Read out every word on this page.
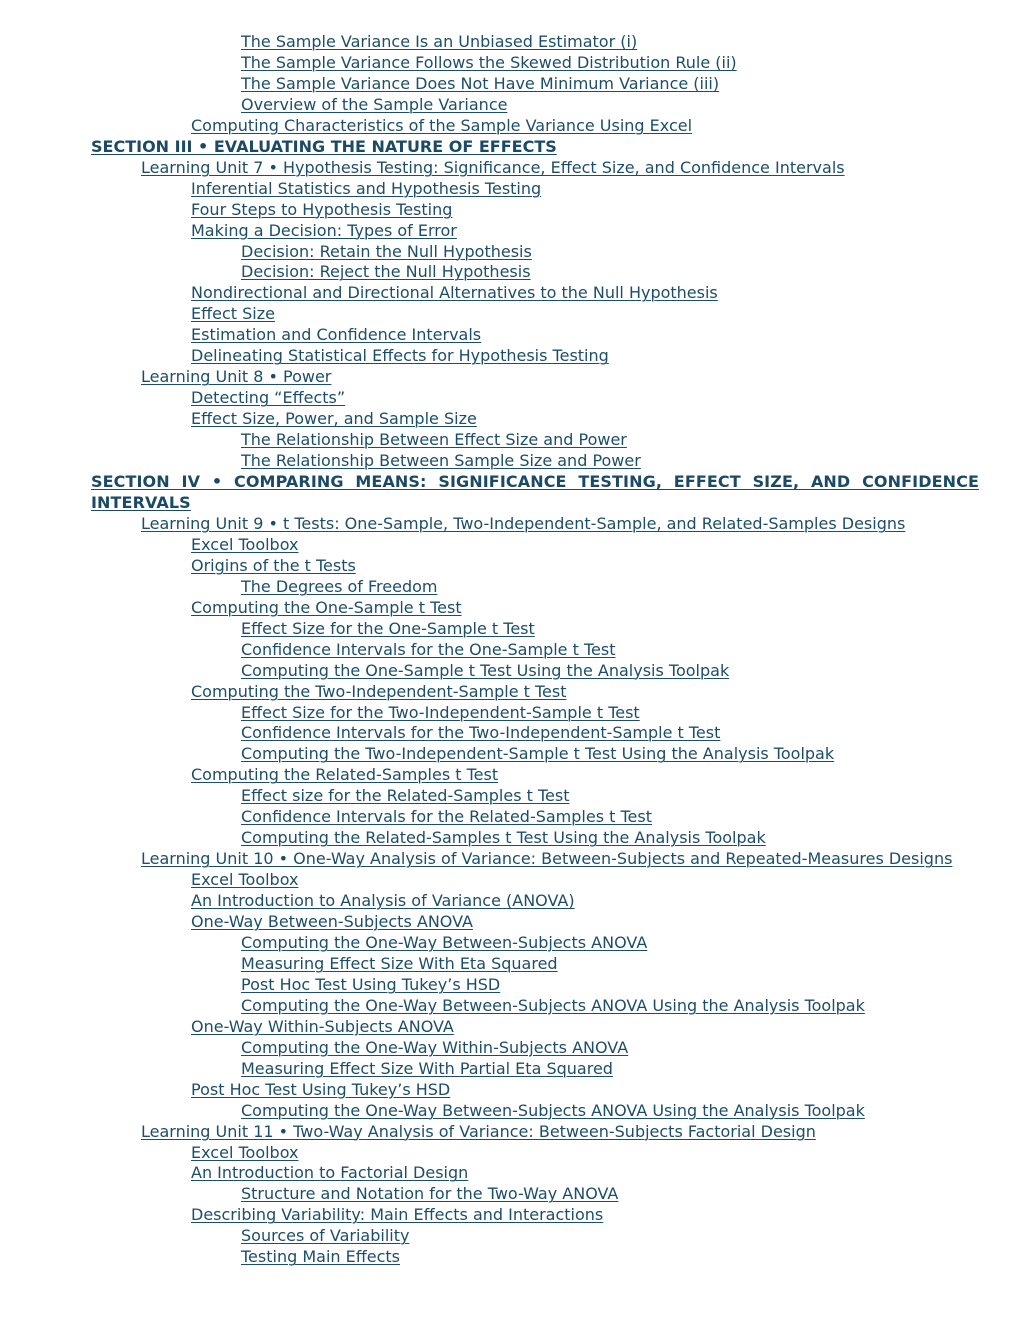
The Sample Variance Is an Unbiased Estimator (i)
The Sample Variance Follows the Skewed Distribution Rule (ii)
The Sample Variance Does Not Have Minimum Variance (iii)
Overview of the Sample Variance
Computing Characteristics of the Sample Variance Using Excel
SECTION III • EVALUATING THE NATURE OF EFFECTS
Learning Unit 7 • Hypothesis Testing: Significance, Effect Size, and Confidence Intervals
Inferential Statistics and Hypothesis Testing
Four Steps to Hypothesis Testing
Making a Decision: Types of Error
Decision: Retain the Null Hypothesis
Decision: Reject the Null Hypothesis
Nondirectional and Directional Alternatives to the Null Hypothesis
Effect Size
Estimation and Confidence Intervals
Delineating Statistical Effects for Hypothesis Testing
Learning Unit 8 • Power
Detecting “Effects”
Effect Size, Power, and Sample Size
The Relationship Between Effect Size and Power
The Relationship Between Sample Size and Power
SECTION IV • COMPARING MEANS: SIGNIFICANCE TESTING, EFFECT SIZE, AND CONFIDENCE INTERVALS
Learning Unit 9 • t Tests: One-Sample, Two-Independent-Sample, and Related-Samples Designs
Excel Toolbox
Origins of the t Tests
The Degrees of Freedom
Computing the One-Sample t Test
Effect Size for the One-Sample t Test
Confidence Intervals for the One-Sample t Test
Computing the One-Sample t Test Using the Analysis Toolpak
Computing the Two-Independent-Sample t Test
Effect Size for the Two-Independent-Sample t Test
Confidence Intervals for the Two-Independent-Sample t Test
Computing the Two-Independent-Sample t Test Using the Analysis Toolpak
Computing the Related-Samples t Test
Effect size for the Related-Samples t Test
Confidence Intervals for the Related-Samples t Test
Computing the Related-Samples t Test Using the Analysis Toolpak
Learning Unit 10 • One-Way Analysis of Variance: Between-Subjects and Repeated-Measures Designs
Excel Toolbox
An Introduction to Analysis of Variance (ANOVA)
One-Way Between-Subjects ANOVA
Computing the One-Way Between-Subjects ANOVA
Measuring Effect Size With Eta Squared
Post Hoc Test Using Tukey’s HSD
Computing the One-Way Between-Subjects ANOVA Using the Analysis Toolpak
One-Way Within-Subjects ANOVA
Computing the One-Way Within-Subjects ANOVA
Measuring Effect Size With Partial Eta Squared
Post Hoc Test Using Tukey’s HSD
Computing the One-Way Between-Subjects ANOVA Using the Analysis Toolpak
Learning Unit 11 • Two-Way Analysis of Variance: Between-Subjects Factorial Design
Excel Toolbox
An Introduction to Factorial Design
Structure and Notation for the Two-Way ANOVA
Describing Variability: Main Effects and Interactions
Sources of Variability
Testing Main Effects
